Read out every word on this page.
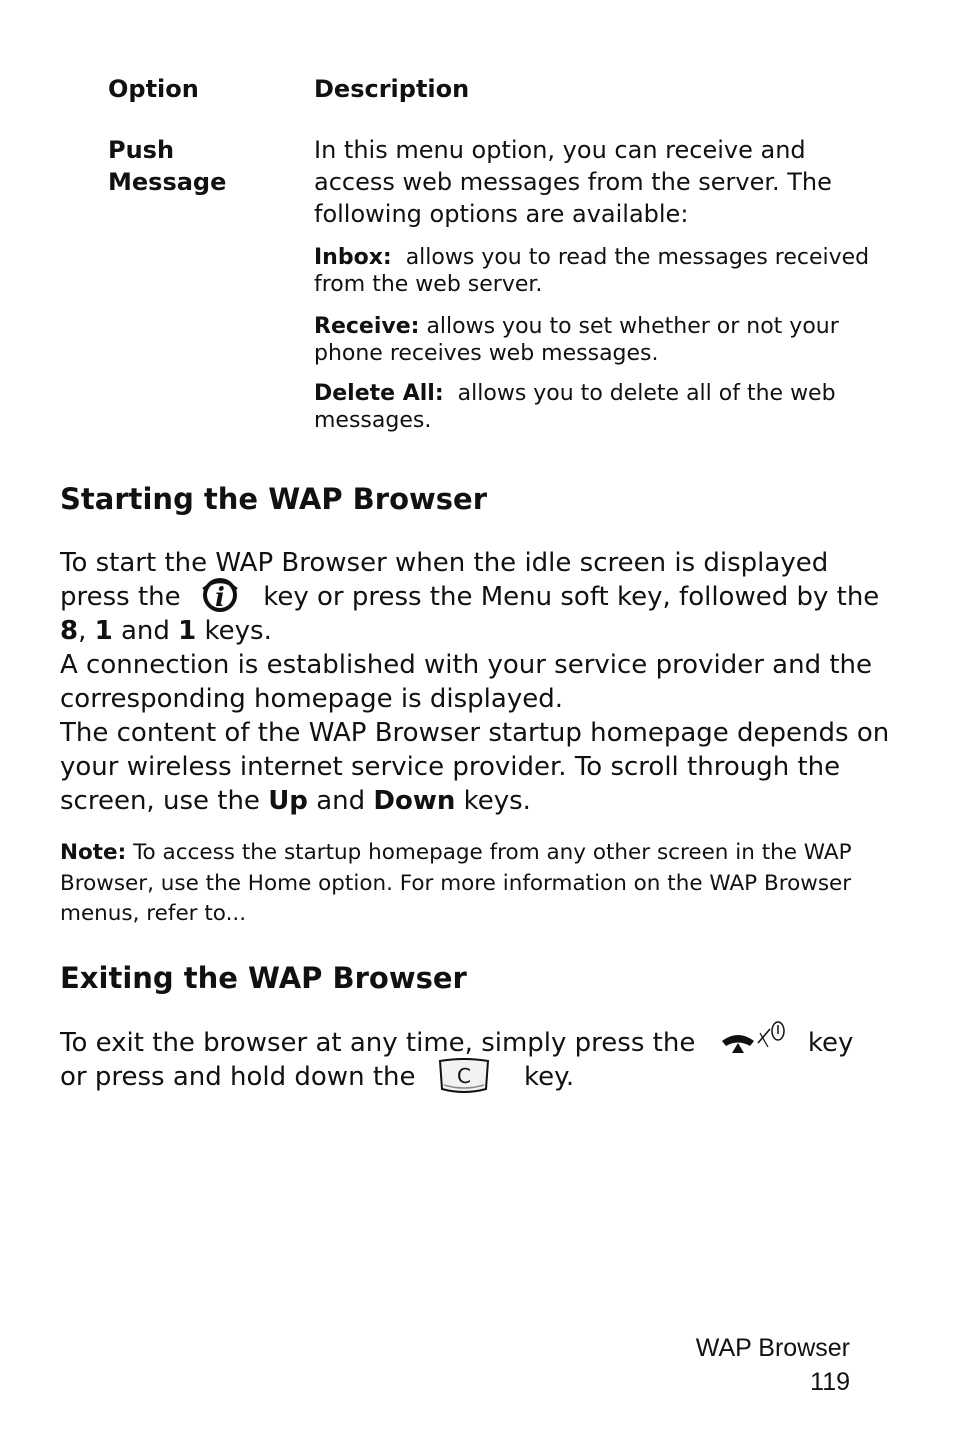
Option	Description
Push Message
In this menu option, you can receive and access web messages from the server. The following options are available:
Inbox: allows you to read the messages received from the web server.
Receive: allows you to set whether or not your phone receives web messages.
Delete All: allows you to delete all of the web messages.
Starting the WAP Browser
To start the WAP Browser when the idle screen is displayed press the i key or press the Menu soft key, followed by the 8, 1 and 1 keys.
A connection is established with your service provider and the corresponding homepage is displayed.
The content of the WAP Browser startup homepage depends on your wireless internet service provider. To scroll through the screen, use the Up and Down keys.
Note: To access the startup homepage from any other screen in the WAP Browser, use the Home option. For more information on the WAP Browser menus, refer to...
Exiting the WAP Browser
To exit the browser at any time, simply press the	key
or press and hold down the C key.
WAP Browser
119
